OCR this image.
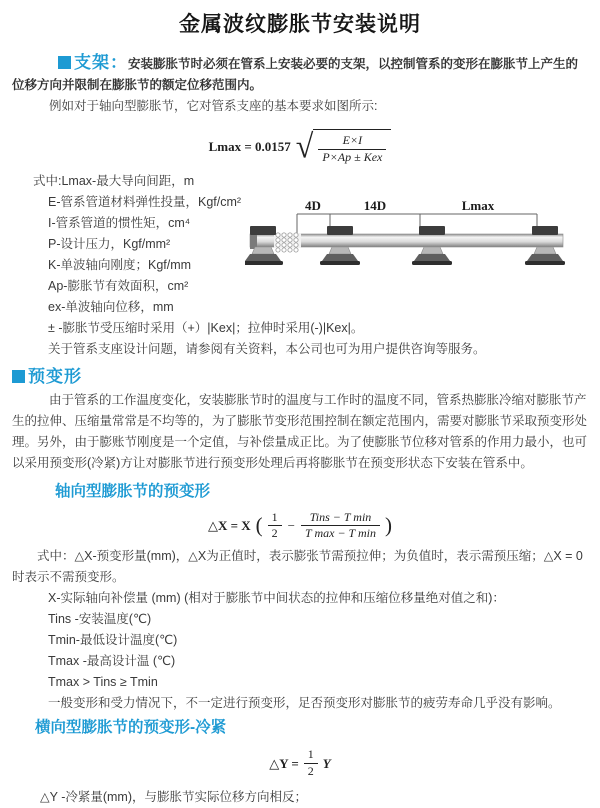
金属波纹膨胀节安装说明

支架：安装膨胀节时必须在管系上安装必要的支架，以控制管系的变形在膨胀节上产生的位移方向并限制在膨胀节的额定位移范围内。

例如对于轴向型膨胀节，它对管系支座的基本要求如图所示:

Lmax = 0.0157 √ $\frac{E\times I}{\text{P×Ap ± Kex}}$

式中:Lmax-最大导向间距，m

E-管系管道材料弹性投量，Kgf/cm²

I-管系管道的惯性矩，cm⁴

P-设计压力，Kgf/mm²

K-单波轴向刚度；Kgf/mm

Ap-膨胀节有效面积，cm²

ex-单波轴向位移，mm

± -膨胀节受压缩时采用（+）|Kex|；拉伸时采用(-)|Kex|。

关于管系支座设计问题，请参阅有关资料，本公司也可为用户提供咨询等服务。

4D	14D	Lmax
预变形

由于管系的工作温度变化，安装膨胀节时的温度与工作时的温度不同，管系热膨胀冷缩对膨胀节产生的拉伸、压缩量常常是不均等的，为了膨胀节变形范围控制在额定范围内，需要对膨胀节采取预变形处理。另外，由于膨账节刚度是一个定值，与补偿量成正比。为了使膨胀节位移对管系的作用力最小，也可以采用预变形(冷紧)方让对膨胀节进行预变形处理后再将膨胀节在预变形状态下安装在管系中。

轴向型膨胀节的预变形
△X = X ( $\frac{1}{2} - \frac{\text{Tins − T min}}{\text{T max − T min}}$ )

式中：△X-预变形量(mm)，△X为正值时，表示膨张节需预拉伸；为负值时，表示需预压缩；△X = 0时表示不需预变形。

X-实际轴向补偿量 (mm) (相对于膨胀节中间状态的拉伸和压缩位移量绝对值之和)：

Tins -安装温度(℃)

Tmin-最低设计温度(℃)

Tmax -最高设计温 (℃)

Tmax > Tins ≥ Tmin

一般变形和受力情况下，不一定进行预变形，足否预变形对膨胀节的疲劳寿命几乎没有影响。

横向型膨胀节的预变形-冷紧
△Y = $\frac{1}{2}$ Y

△Y -冷紧量(mm)，与膨胀节实际位移方向相反；
